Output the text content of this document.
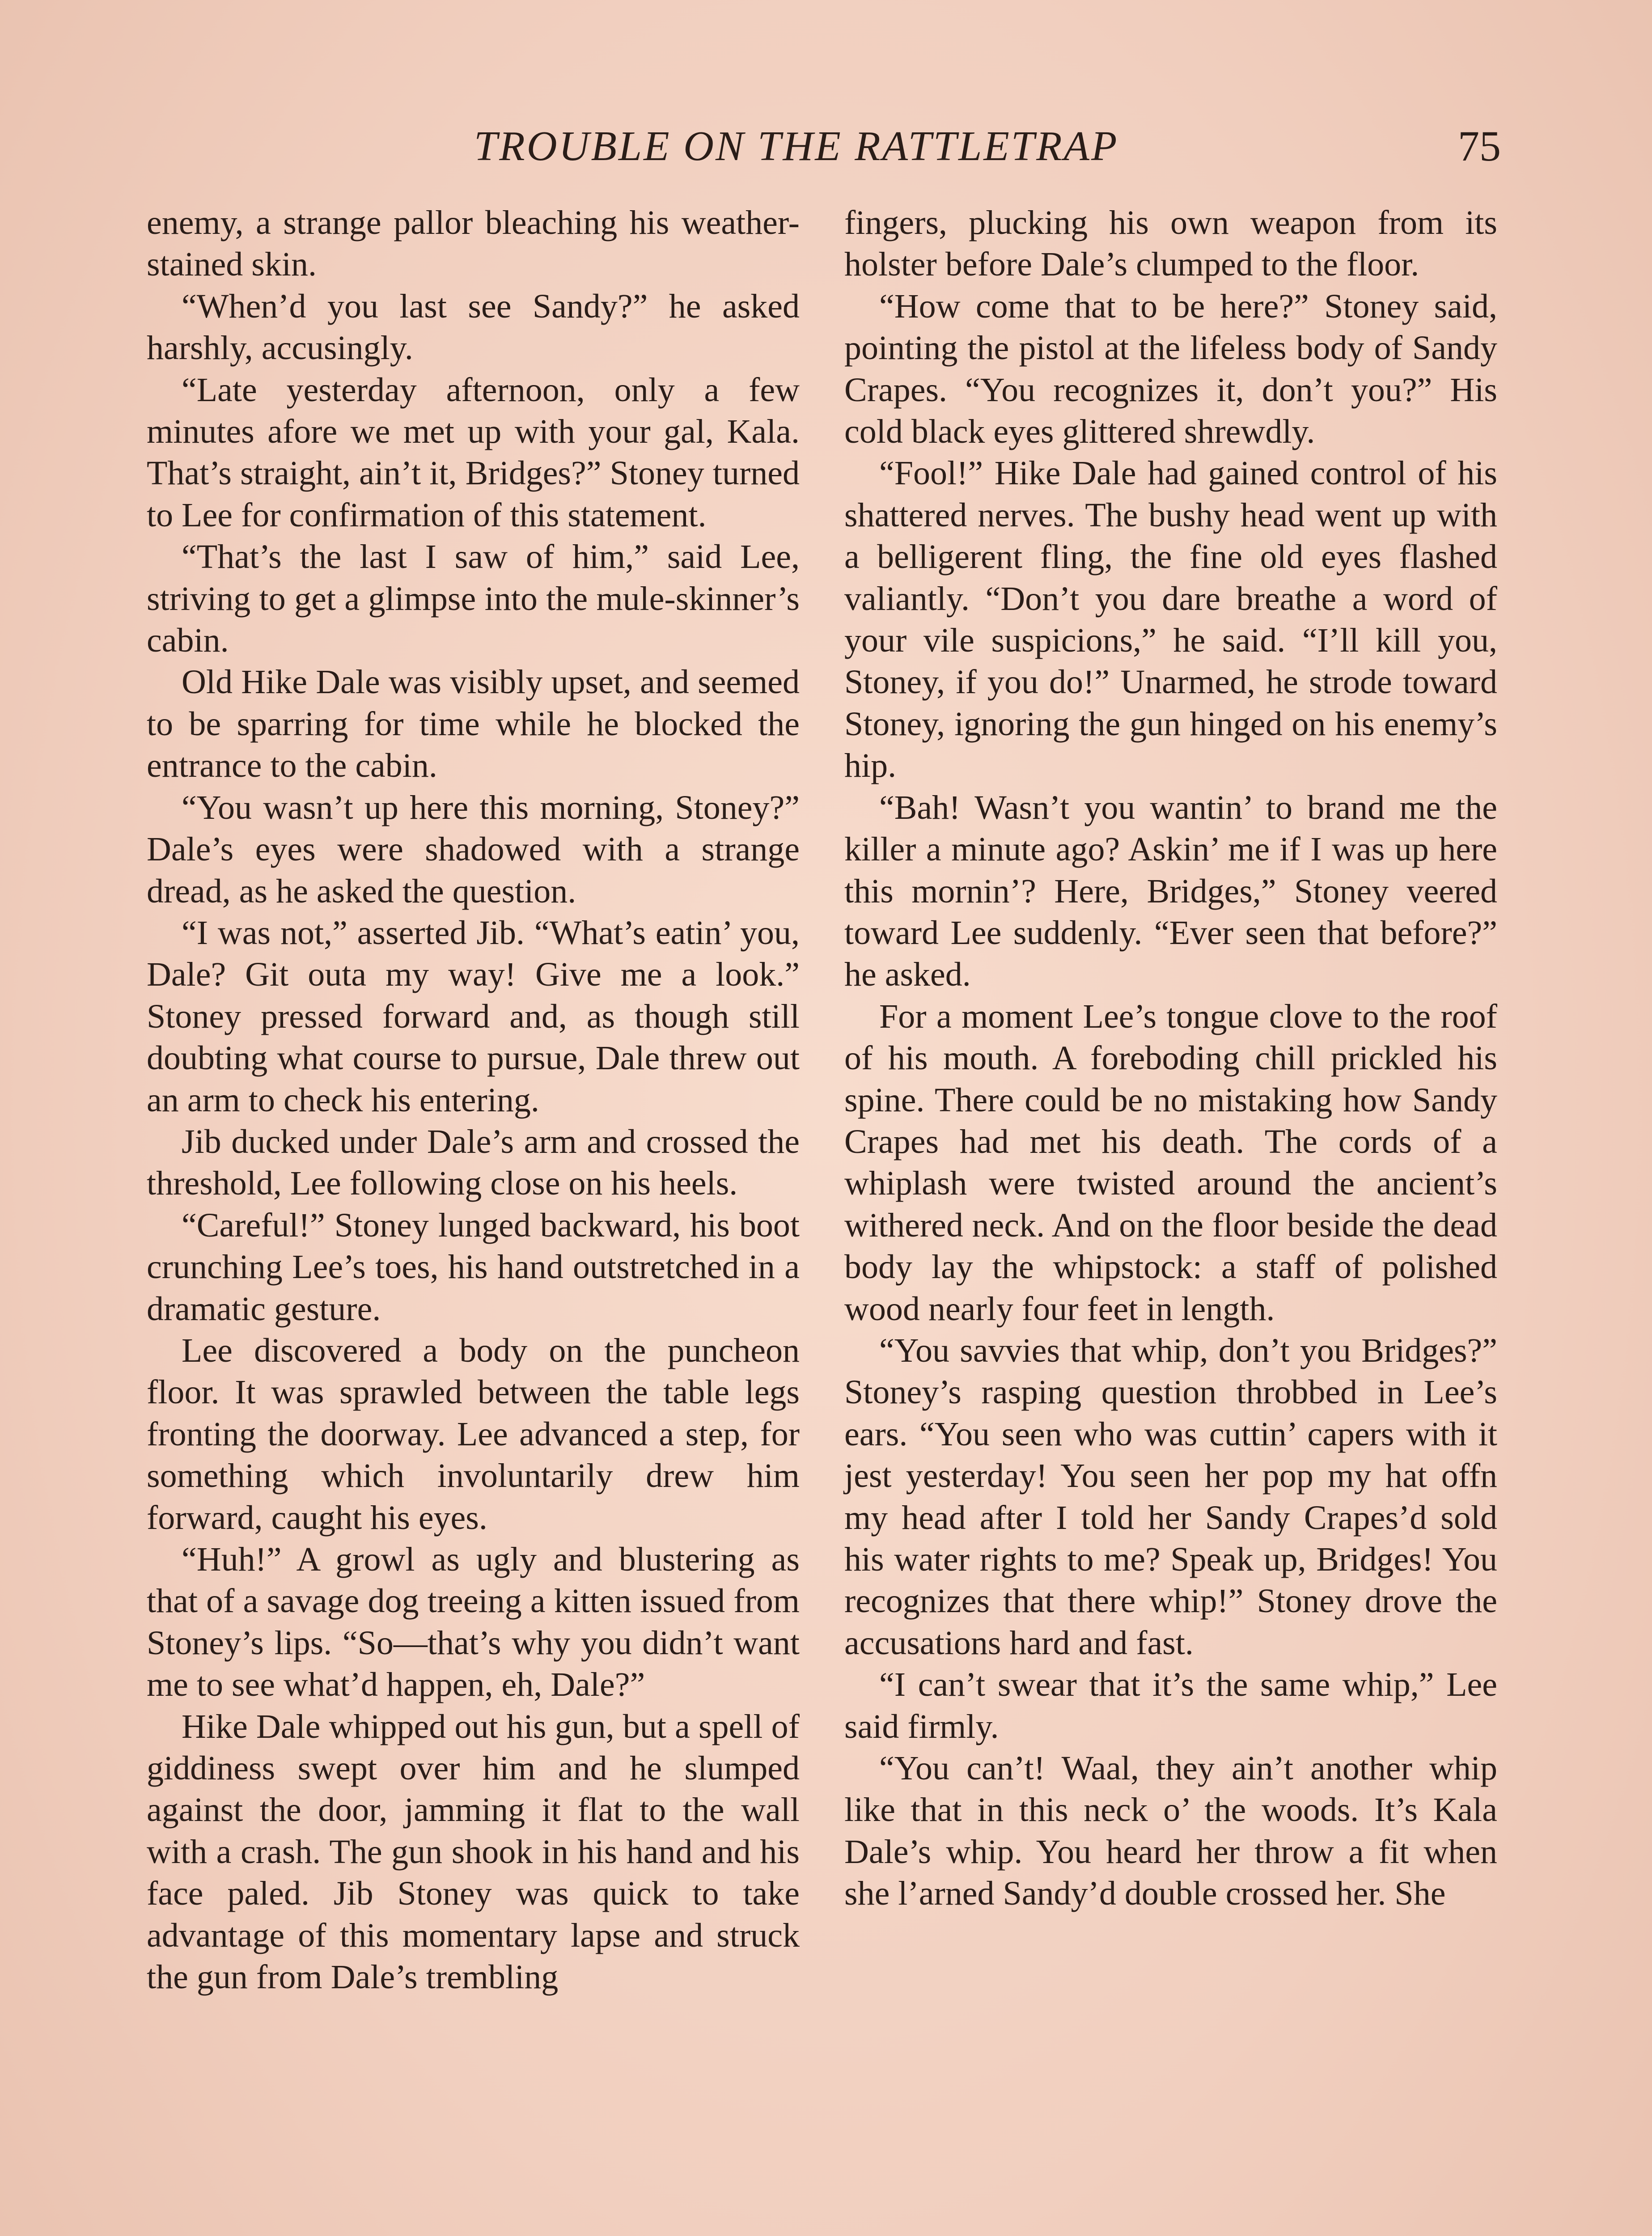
TROUBLE ON THE RATTLETRAP	75

enemy, a strange pallor bleaching his weather-stained skin.

“When’d you last see Sandy?” he asked harshly, accusingly.

“Late yesterday afternoon, only a few minutes afore we met up with your gal, Kala. That’s straight, ain’t it, Bridges?” Stoney turned to Lee for confirmation of this statement.

“That’s the last I saw of him,” said Lee, striving to get a glimpse into the mule-skinner’s cabin.

Old Hike Dale was visibly upset, and seemed to be sparring for time while he blocked the entrance to the cabin.

“You wasn’t up here this morning, Stoney?” Dale’s eyes were shadowed with a strange dread, as he asked the question.

“I was not,” asserted Jib. “What’s eatin’ you, Dale? Git outa my way! Give me a look.” Stoney pressed forward and, as though still doubting what course to pursue, Dale threw out an arm to check his entering.

Jib ducked under Dale’s arm and crossed the threshold, Lee following close on his heels.

“Careful!” Stoney lunged backward, his boot crunching Lee’s toes, his hand outstretched in a dramatic gesture.

Lee discovered a body on the puncheon floor. It was sprawled between the table legs fronting the doorway. Lee advanced a step, for something which involuntarily drew him forward, caught his eyes.

“Huh!” A growl as ugly and blustering as that of a savage dog treeing a kitten issued from Stoney’s lips. “So—that’s why you didn’t want me to see what’d happen, eh, Dale?”

Hike Dale whipped out his gun, but a spell of giddiness swept over him and he slumped against the door, jamming it flat to the wall with a crash. The gun shook in his hand and his face paled. Jib Stoney was quick to take advantage of this momentary lapse and struck the gun from Dale’s trembling

fingers, plucking his own weapon from its holster before Dale’s clumped to the floor.

“How come that to be here?” Stoney said, pointing the pistol at the lifeless body of Sandy Crapes. “You recognizes it, don’t you?” His cold black eyes glittered shrewdly.

“Fool!” Hike Dale had gained control of his shattered nerves. The bushy head went up with a belligerent fling, the fine old eyes flashed valiantly. “Don’t you dare breathe a word of your vile suspicions,” he said. “I’ll kill you, Stoney, if you do!” Unarmed, he strode toward Stoney, ignoring the gun hinged on his enemy’s hip.

“Bah! Wasn’t you wantin’ to brand me the killer a minute ago? Askin’ me if I was up here this mornin’? Here, Bridges,” Stoney veered toward Lee suddenly. “Ever seen that before?” he asked.

For a moment Lee’s tongue clove to the roof of his mouth. A foreboding chill prickled his spine. There could be no mistaking how Sandy Crapes had met his death. The cords of a whiplash were twisted around the ancient’s withered neck. And on the floor beside the dead body lay the whipstock: a staff of polished wood nearly four feet in length.

“You savvies that whip, don’t you Bridges?” Stoney’s rasping question throbbed in Lee’s ears. “You seen who was cuttin’ capers with it jest yesterday! You seen her pop my hat offn my head after I told her Sandy Crapes’d sold his water rights to me? Speak up, Bridges! You recognizes that there whip!” Stoney drove the accusations hard and fast.

“I can’t swear that it’s the same whip,” Lee said firmly.

“You can’t! Waal, they ain’t another whip like that in this neck o’ the woods. It’s Kala Dale’s whip. You heard her throw a fit when she l’arned Sandy’d double crossed her. She
